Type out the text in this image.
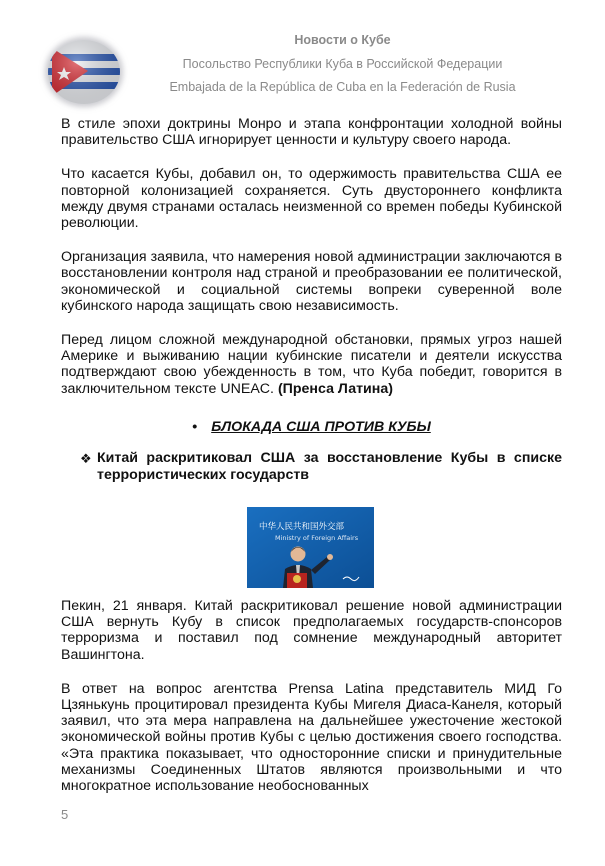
Новости о Кубе
Посольство Республики Куба в Российской Федерации
Embajada de la República de Cuba en la Federación de Rusia

В стиле эпохи доктрины Монро и этапа конфронтации холодной войны правительство США игнорирует ценности и культуру своего народа.

Что касается Кубы, добавил он, то одержимость правительства США ее повторной колонизацией сохраняется. Суть двустороннего конфликта между двумя странами осталась неизменной со времен победы Кубинской революции.

Организация заявила, что намерения новой администрации заключаются в восстановлении контроля над страной и преобразовании ее политической, экономической и социальной системы вопреки суверенной воле кубинского народа защищать свою независимость.

Перед лицом сложной международной обстановки, прямых угроз нашей Америке и выживанию нации кубинские писатели и деятели искусства подтверждают свою убежденность в том, что Куба победит, говорится в заключительном тексте UNEAC. (Пренса Латина)

• БЛОКАДА США ПРОТИВ КУБЫ
❖ Китай раскритиковал США за восстановление Кубы в списке террористических государств
中华人民共和国外交部
Ministry of Foreign Affairs

Пекин, 21 января. Китай раскритиковал решение новой администрации США вернуть Кубу в список предполагаемых государств-спонсоров терроризма и поставил под сомнение международный авторитет Вашингтона.

В ответ на вопрос агентства Prensa Latina представитель МИД Го Цзянькунь процитировал президента Кубы Мигеля Диаса-Канеля, который заявил, что эта мера направлена на дальнейшее ужесточение жестокой экономической войны против Кубы с целью достижения своего господства. «Эта практика показывает, что односторонние списки и принудительные механизмы Соединенных Штатов являются произвольными и что многократное использование необоснованных

5
